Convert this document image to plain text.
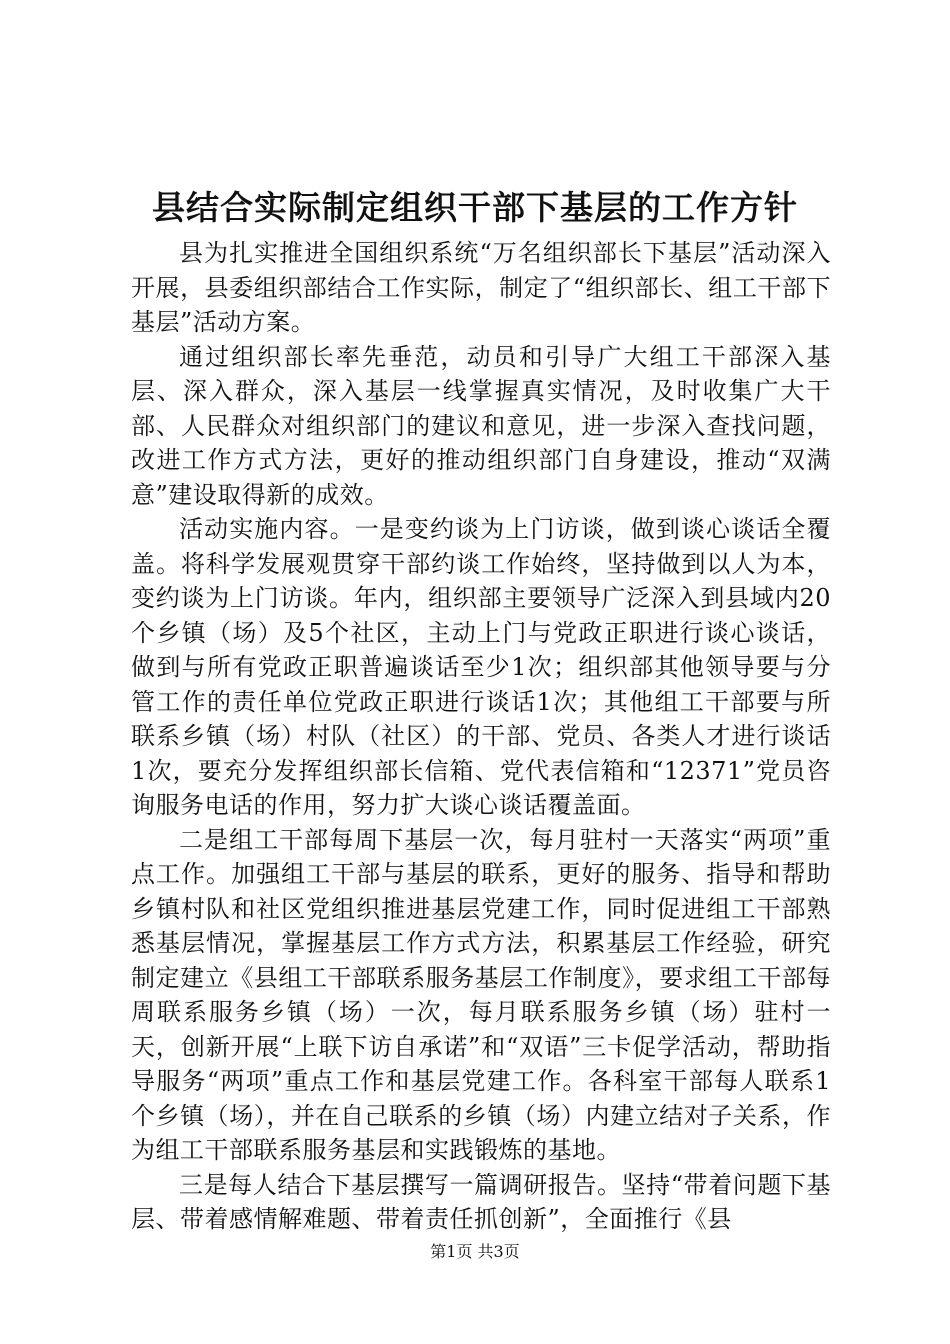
县结合实际制定组织干部下基层的工作方针

县为扎实推进全国组织系统“万名组织部长下基层”活动深入开展，县委组织部结合工作实际，制定了“组织部长、组工干部下基层”活动方案。

通过组织部长率先垂范，动员和引导广大组工干部深入基层、深入群众，深入基层一线掌握真实情况，及时收集广大干部、人民群众对组织部门的建议和意见，进一步深入查找问题，改进工作方式方法，更好的推动组织部门自身建设，推动“双满意”建设取得新的成效。

活动实施内容。一是变约谈为上门访谈，做到谈心谈话全覆盖。将科学发展观贯穿干部约谈工作始终，坚持做到以人为本，变约谈为上门访谈。年内，组织部主要领导广泛深入到县域内20个乡镇（场）及5个社区，主动上门与党政正职进行谈心谈话，做到与所有党政正职普遍谈话至少1次；组织部其他领导要与分管工作的责任单位党政正职进行谈话1次；其他组工干部要与所联系乡镇（场）村队（社区）的干部、党员、各类人才进行谈话1次，要充分发挥组织部长信箱、党代表信箱和“12371”党员咨询服务电话的作用，努力扩大谈心谈话覆盖面。

二是组工干部每周下基层一次，每月驻村一天落实“两项”重点工作。加强组工干部与基层的联系，更好的服务、指导和帮助乡镇村队和社区党组织推进基层党建工作，同时促进组工干部熟悉基层情况，掌握基层工作方式方法，积累基层工作经验，研究制定建立《县组工干部联系服务基层工作制度》，要求组工干部每周联系服务乡镇（场）一次，每月联系服务乡镇（场）驻村一天，创新开展“上联下访自承诺”和“双语”三卡促学活动，帮助指导服务“两项”重点工作和基层党建工作。各科室干部每人联系1个乡镇（场），并在自己联系的乡镇（场）内建立结对子关系，作为组工干部联系服务基层和实践锻炼的基地。

三是每人结合下基层撰写一篇调研报告。坚持“带着问题下基层、带着感情解难题、带着责任抓创新”，全面推行《县

第1页 共3页
